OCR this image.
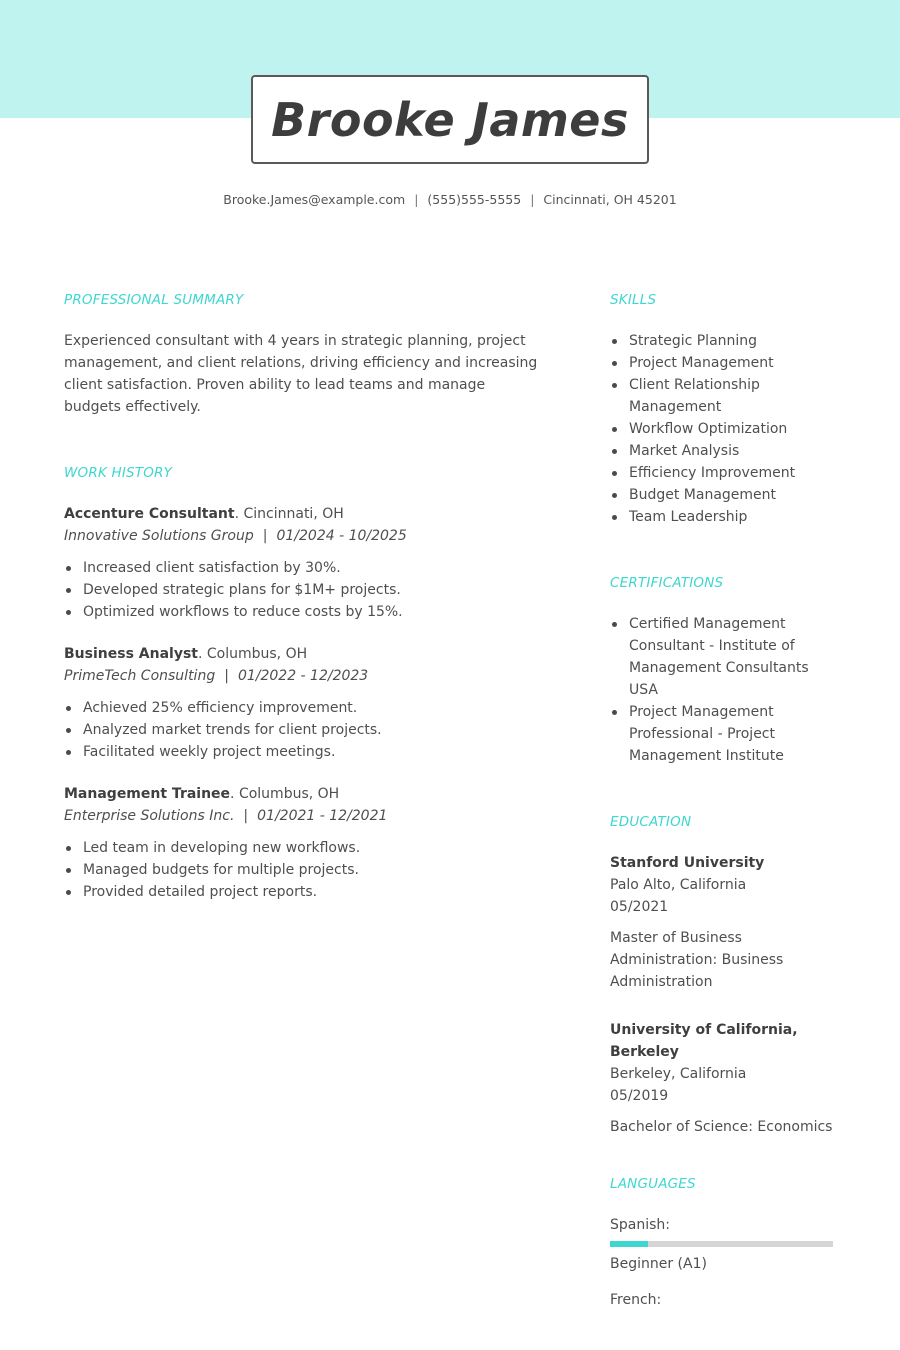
Brooke James
Brooke.James@example.com | (555)555-5555 | Cincinnati, OH 45201
PROFESSIONAL SUMMARY

Experienced consultant with 4 years in strategic planning, project management, and client relations, driving efficiency and increasing client satisfaction. Proven ability to lead teams and manage budgets effectively.

WORK HISTORY
Accenture Consultant. Cincinnati, OH
Innovative Solutions Group | 01/2024 - 10/2025
Increased client satisfaction by 30%.
Developed strategic plans for $1M+ projects.
Optimized workflows to reduce costs by 15%.
Business Analyst. Columbus, OH
PrimeTech Consulting | 01/2022 - 12/2023
Achieved 25% efficiency improvement.
Analyzed market trends for client projects.
Facilitated weekly project meetings.
Management Trainee. Columbus, OH
Enterprise Solutions Inc. | 01/2021 - 12/2021
Led team in developing new workflows.
Managed budgets for multiple projects.
Provided detailed project reports.
SKILLS
Strategic Planning
Project Management
Client Relationship Management
Workflow Optimization
Market Analysis
Efficiency Improvement
Budget Management
Team Leadership
CERTIFICATIONS
Certified Management Consultant - Institute of Management Consultants USA
Project Management Professional - Project Management Institute
EDUCATION
Stanford University
Palo Alto, California
05/2021
Master of Business Administration: Business Administration
University of California, Berkeley
Berkeley, California
05/2019
Bachelor of Science: Economics
LANGUAGES
Spanish:
Beginner (A1)
French:
